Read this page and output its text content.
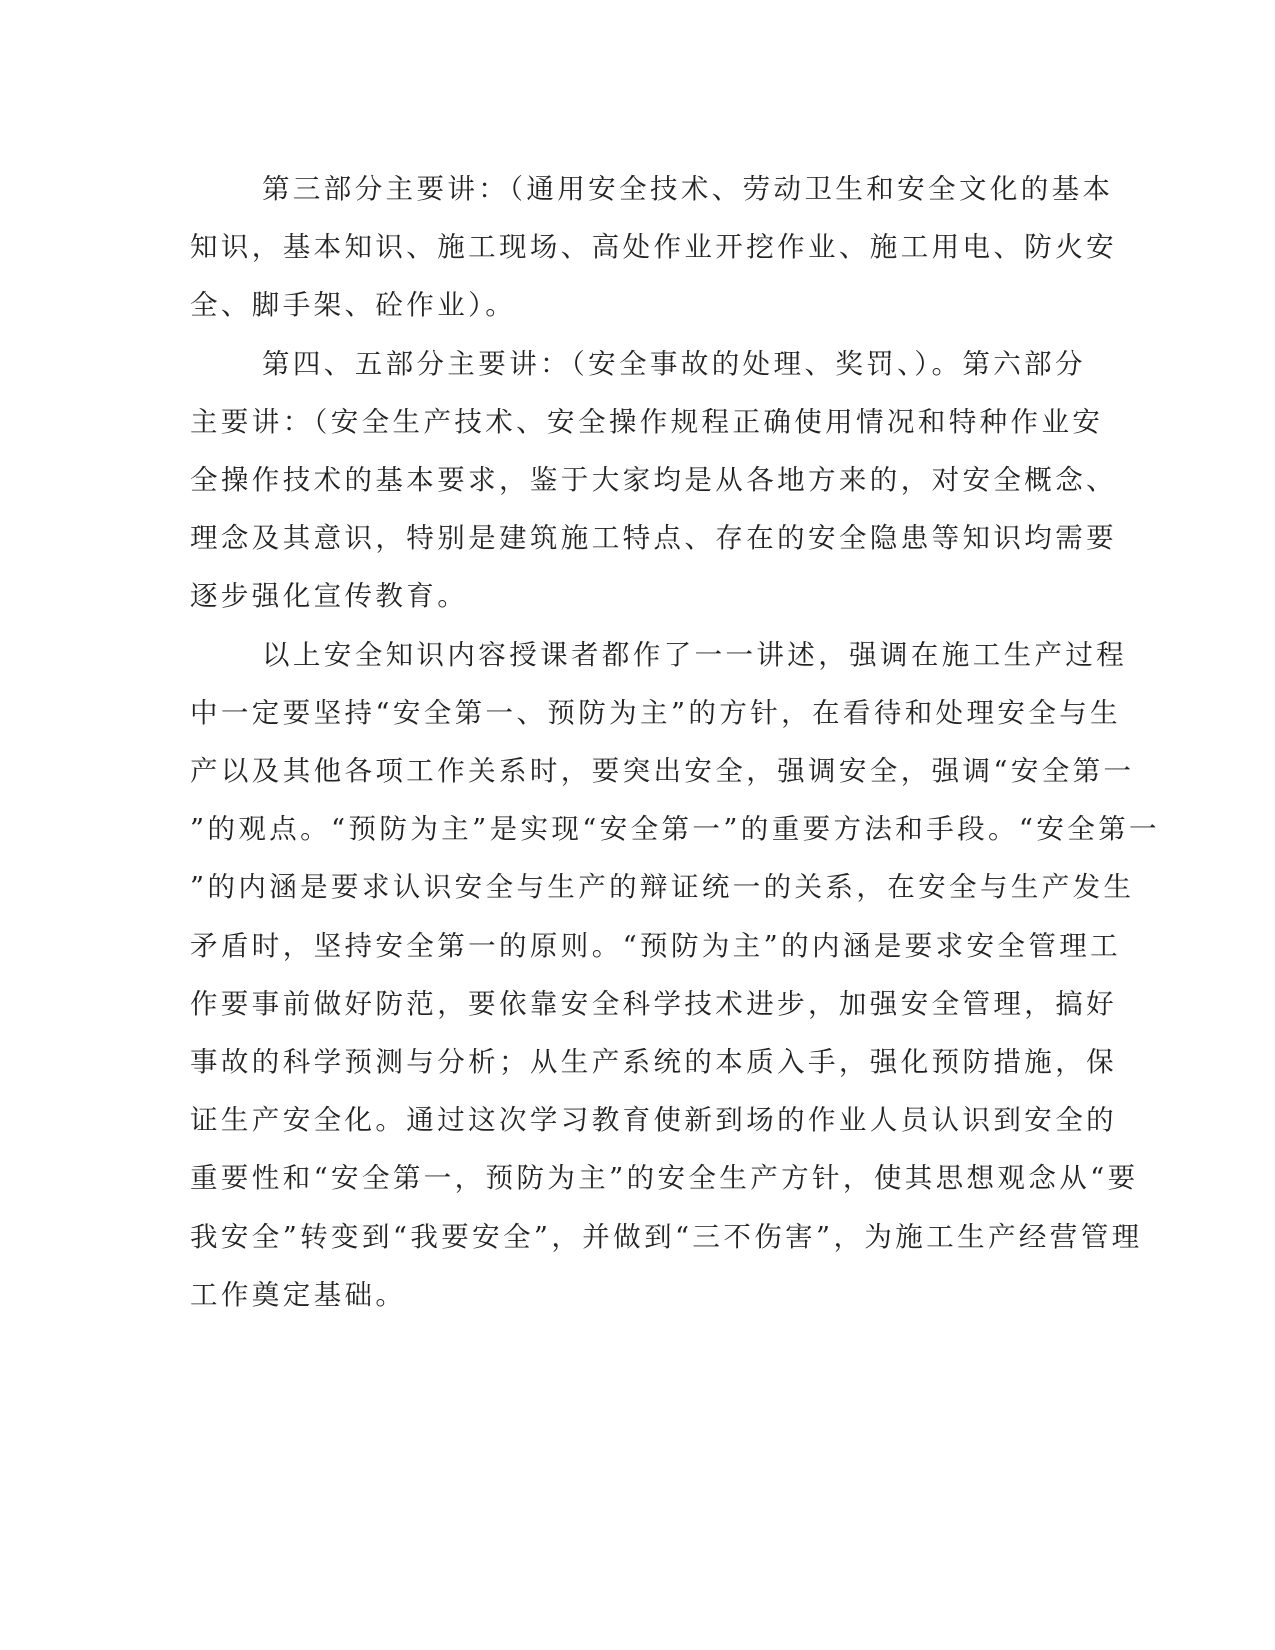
第三部分主要讲：（通用安全技术、劳动卫生和安全文化的基本
知识，基本知识、施工现场、高处作业开挖作业、施工用电、防火安
全、脚手架、砼作业）。
第四、五部分主要讲：（安全事故的处理、奖罚、）。第六部分
主要讲：（安全生产技术、安全操作规程正确使用情况和特种作业安
全操作技术的基本要求，鉴于大家均是从各地方来的，对安全概念、
理念及其意识，特别是建筑施工特点、存在的安全隐患等知识均需要
逐步强化宣传教育。
以上安全知识内容授课者都作了一一讲述，强调在施工生产过程
中一定要坚持“安全第一、预防为主”的方针，在看待和处理安全与生
产以及其他各项工作关系时，要突出安全，强调安全，强调“安全第一
”的观点。“预防为主”是实现“安全第一”的重要方法和手段。“安全第一
”的内涵是要求认识安全与生产的辩证统一的关系，在安全与生产发生
矛盾时，坚持安全第一的原则。“预防为主”的内涵是要求安全管理工
作要事前做好防范，要依靠安全科学技术进步，加强安全管理，搞好
事故的科学预测与分析；从生产系统的本质入手，强化预防措施，保
证生产安全化。通过这次学习教育使新到场的作业人员认识到安全的
重要性和“安全第一，预防为主”的安全生产方针，使其思想观念从“要
我安全”转变到“我要安全”，并做到“三不伤害”，为施工生产经营管理
工作奠定基础。
